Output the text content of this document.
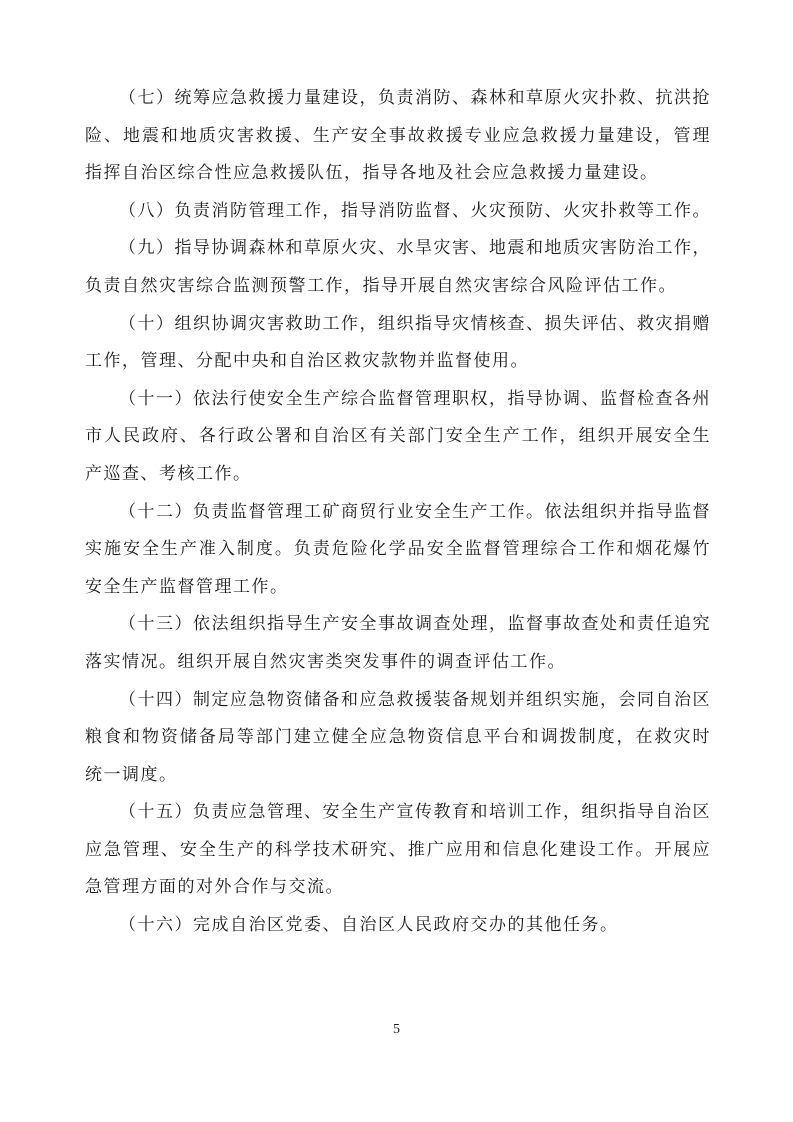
（七）统筹应急救援力量建设，负责消防、森林和草原火灾扑救、抗洪抢险、地震和地质灾害救援、生产安全事故救援专业应急救援力量建设，管理指挥自治区综合性应急救援队伍，指导各地及社会应急救援力量建设。

（八）负责消防管理工作，指导消防监督、火灾预防、火灾扑救等工作。

（九）指导协调森林和草原火灾、水旱灾害、地震和地质灾害防治工作，负责自然灾害综合监测预警工作，指导开展自然灾害综合风险评估工作。

（十）组织协调灾害救助工作，组织指导灾情核查、损失评估、救灾捐赠工作，管理、分配中央和自治区救灾款物并监督使用。

（十一）依法行使安全生产综合监督管理职权，指导协调、监督检查各州市人民政府、各行政公署和自治区有关部门安全生产工作，组织开展安全生产巡查、考核工作。

（十二）负责监督管理工矿商贸行业安全生产工作。依法组织并指导监督实施安全生产准入制度。负责危险化学品安全监督管理综合工作和烟花爆竹安全生产监督管理工作。

（十三）依法组织指导生产安全事故调查处理，监督事故查处和责任追究落实情况。组织开展自然灾害类突发事件的调查评估工作。

（十四）制定应急物资储备和应急救援装备规划并组织实施，会同自治区粮食和物资储备局等部门建立健全应急物资信息平台和调拨制度，在救灾时统一调度。

（十五）负责应急管理、安全生产宣传教育和培训工作，组织指导自治区应急管理、安全生产的科学技术研究、推广应用和信息化建设工作。开展应急管理方面的对外合作与交流。

（十六）完成自治区党委、自治区人民政府交办的其他任务。

5
